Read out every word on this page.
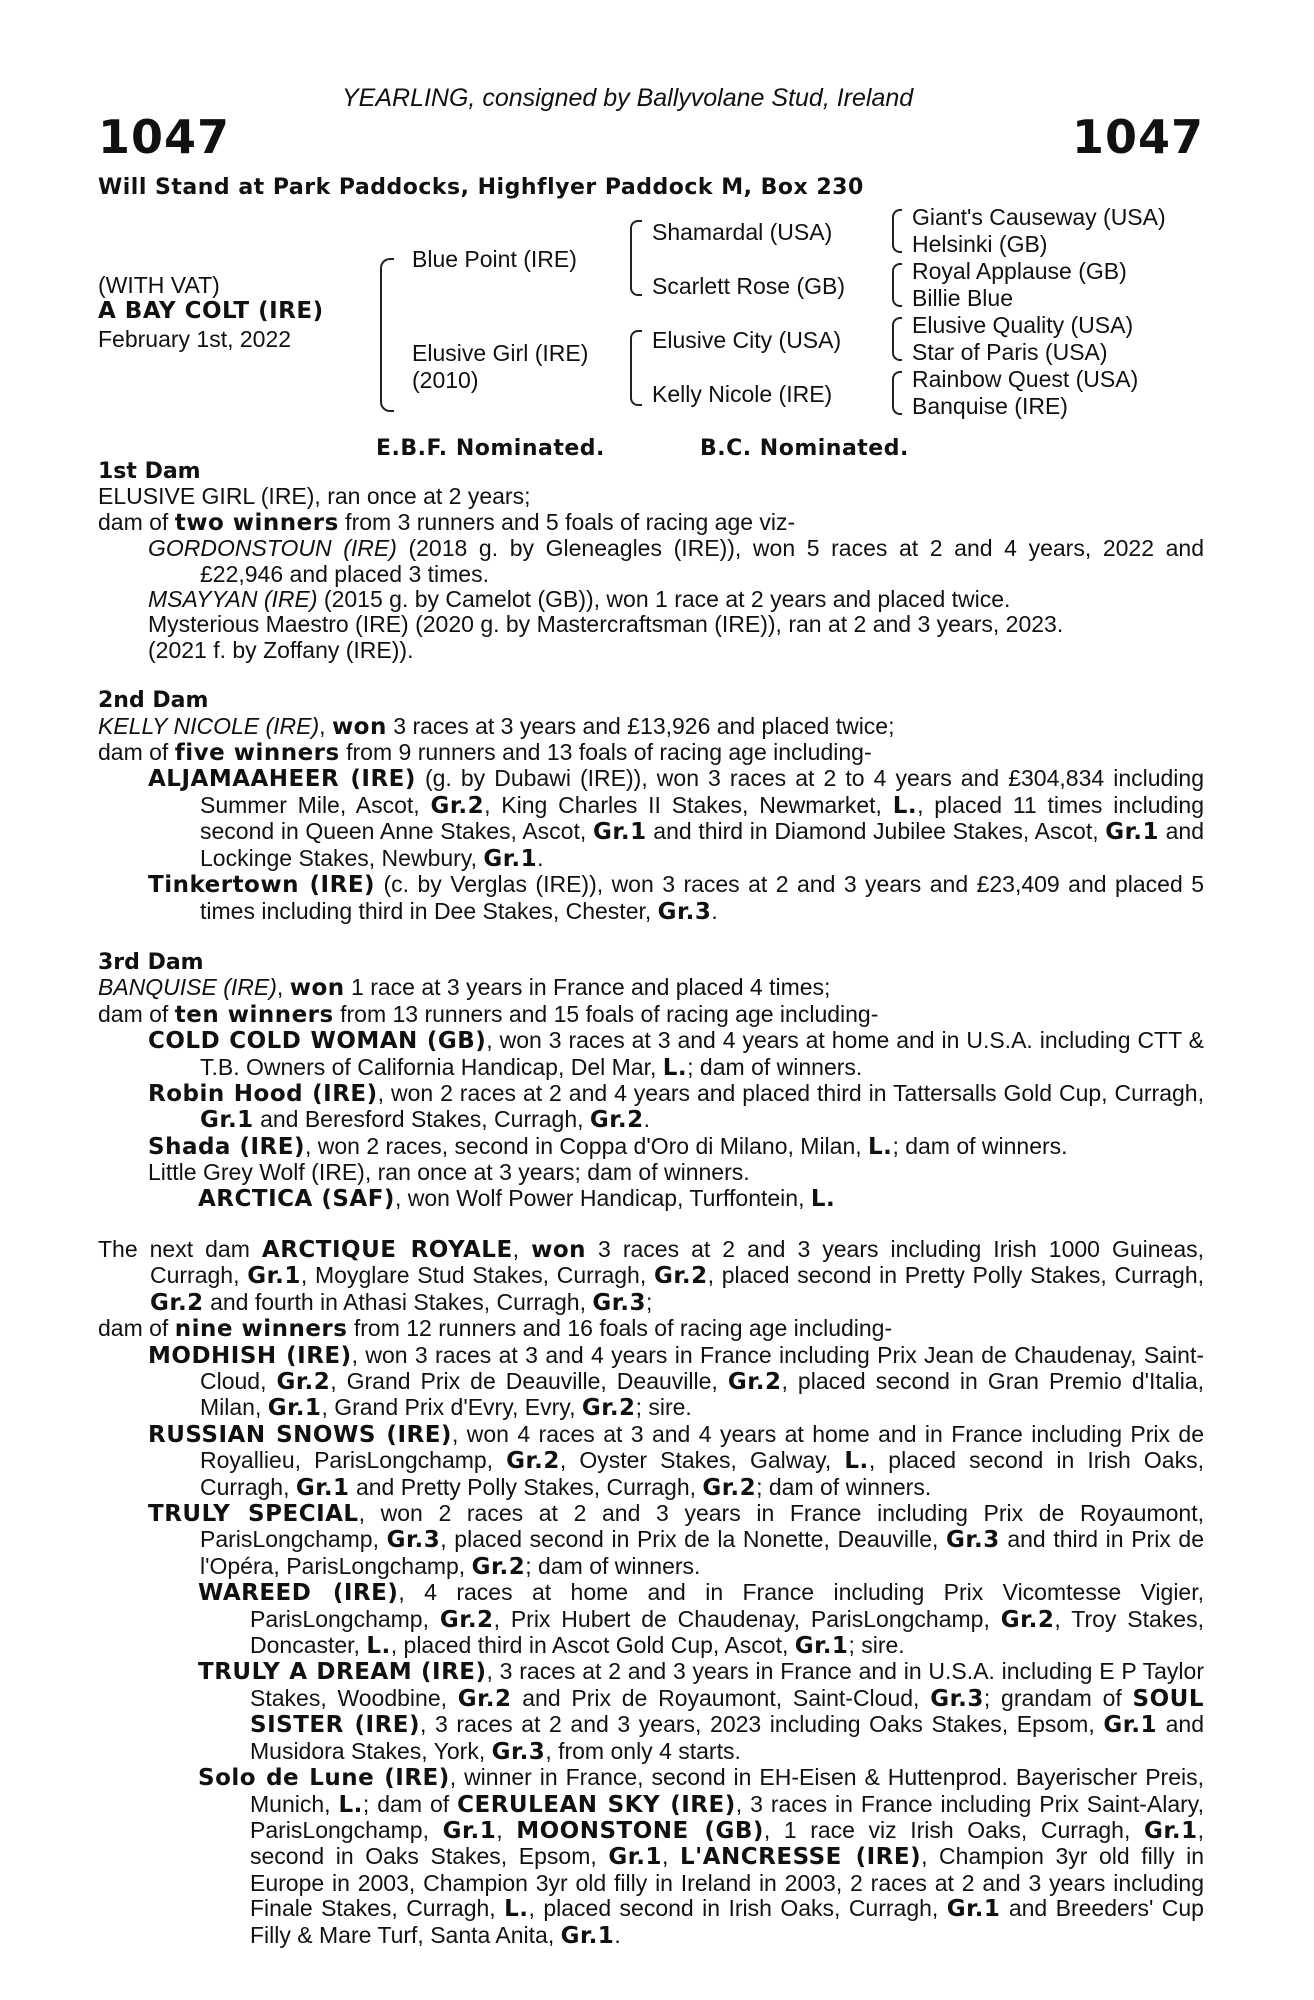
YEARLING, consigned by Ballyvolane Stud, Ireland
1047	1047
Will Stand at Park Paddocks, Highflyer Paddock M, Box 230
(WITH VAT)
A BAY COLT (IRE)
February 1st, 2022
Blue Point (IRE)
Elusive Girl (IRE)
(2010)
Shamardal (USA)
Scarlett Rose (GB)
Elusive City (USA)
Kelly Nicole (IRE)
Giant's Causeway (USA)
Helsinki (GB)
Royal Applause (GB)
Billie Blue
Elusive Quality (USA)
Star of Paris (USA)
Rainbow Quest (USA)
Banquise (IRE)
E.B.F. Nominated.	B.C. Nominated.
1st Dam
ELUSIVE GIRL (IRE), ran once at 2 years;
dam of two winners from 3 runners and 5 foals of racing age viz-
GORDONSTOUN (IRE) (2018 g. by Gleneagles (IRE)), won 5 races at 2 and 4 years, 2022 and £22,946 and placed 3 times.
MSAYYAN (IRE) (2015 g. by Camelot (GB)), won 1 race at 2 years and placed twice.
Mysterious Maestro (IRE) (2020 g. by Mastercraftsman (IRE)), ran at 2 and 3 years, 2023.
(2021 f. by Zoffany (IRE)).
2nd Dam
KELLY NICOLE (IRE), won 3 races at 3 years and £13,926 and placed twice;
dam of five winners from 9 runners and 13 foals of racing age including-
ALJAMAAHEER (IRE) (g. by Dubawi (IRE)), won 3 races at 2 to 4 years and £304,834 including Summer Mile, Ascot, Gr.2, King Charles II Stakes, Newmarket, L., placed 11 times including second in Queen Anne Stakes, Ascot, Gr.1 and third in Diamond Jubilee Stakes, Ascot, Gr.1 and Lockinge Stakes, Newbury, Gr.1.
Tinkertown (IRE) (c. by Verglas (IRE)), won 3 races at 2 and 3 years and £23,409 and placed 5 times including third in Dee Stakes, Chester, Gr.3.
3rd Dam
BANQUISE (IRE), won 1 race at 3 years in France and placed 4 times;
dam of ten winners from 13 runners and 15 foals of racing age including-
COLD COLD WOMAN (GB), won 3 races at 3 and 4 years at home and in U.S.A. including CTT & T.B. Owners of California Handicap, Del Mar, L.; dam of winners.
Robin Hood (IRE), won 2 races at 2 and 4 years and placed third in Tattersalls Gold Cup, Curragh, Gr.1 and Beresford Stakes, Curragh, Gr.2.
Shada (IRE), won 2 races, second in Coppa d'Oro di Milano, Milan, L.; dam of winners.
Little Grey Wolf (IRE), ran once at 3 years; dam of winners.
ARCTICA (SAF), won Wolf Power Handicap, Turffontein, L.
The next dam ARCTIQUE ROYALE, won 3 races at 2 and 3 years including Irish 1000 Guineas, Curragh, Gr.1, Moyglare Stud Stakes, Curragh, Gr.2, placed second in Pretty Polly Stakes, Curragh, Gr.2 and fourth in Athasi Stakes, Curragh, Gr.3;
dam of nine winners from 12 runners and 16 foals of racing age including-
MODHISH (IRE), won 3 races at 3 and 4 years in France including Prix Jean de Chaudenay, Saint-Cloud, Gr.2, Grand Prix de Deauville, Deauville, Gr.2, placed second in Gran Premio d'Italia, Milan, Gr.1, Grand Prix d'Evry, Evry, Gr.2; sire.
RUSSIAN SNOWS (IRE), won 4 races at 3 and 4 years at home and in France including Prix de Royallieu, ParisLongchamp, Gr.2, Oyster Stakes, Galway, L., placed second in Irish Oaks, Curragh, Gr.1 and Pretty Polly Stakes, Curragh, Gr.2; dam of winners.
TRULY SPECIAL, won 2 races at 2 and 3 years in France including Prix de Royaumont, ParisLongchamp, Gr.3, placed second in Prix de la Nonette, Deauville, Gr.3 and third in Prix de l'Opéra, ParisLongchamp, Gr.2; dam of winners.
WAREED (IRE), 4 races at home and in France including Prix Vicomtesse Vigier, ParisLongchamp, Gr.2, Prix Hubert de Chaudenay, ParisLongchamp, Gr.2, Troy Stakes, Doncaster, L., placed third in Ascot Gold Cup, Ascot, Gr.1; sire.
TRULY A DREAM (IRE), 3 races at 2 and 3 years in France and in U.S.A. including E P Taylor Stakes, Woodbine, Gr.2 and Prix de Royaumont, Saint-Cloud, Gr.3; grandam of SOUL SISTER (IRE), 3 races at 2 and 3 years, 2023 including Oaks Stakes, Epsom, Gr.1 and Musidora Stakes, York, Gr.3, from only 4 starts.
Solo de Lune (IRE), winner in France, second in EH-Eisen & Huttenprod. Bayerischer Preis, Munich, L.; dam of CERULEAN SKY (IRE), 3 races in France including Prix Saint-Alary, ParisLongchamp, Gr.1, MOONSTONE (GB), 1 race viz Irish Oaks, Curragh, Gr.1, second in Oaks Stakes, Epsom, Gr.1, L'ANCRESSE (IRE), Champion 3yr old filly in Europe in 2003, Champion 3yr old filly in Ireland in 2003, 2 races at 2 and 3 years including Finale Stakes, Curragh, L., placed second in Irish Oaks, Curragh, Gr.1 and Breeders' Cup Filly & Mare Turf, Santa Anita, Gr.1.
